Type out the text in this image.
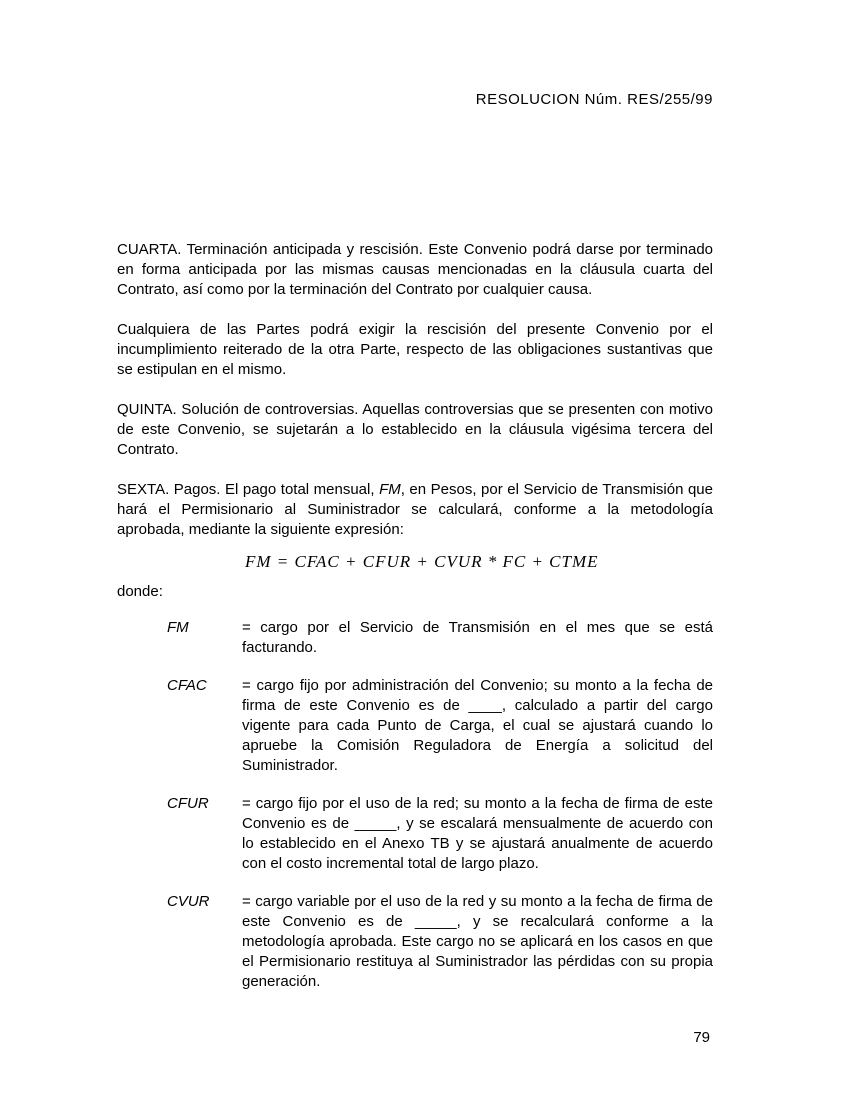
RESOLUCION Núm. RES/255/99

CUARTA. Terminación anticipada y rescisión. Este Convenio podrá darse por terminado en forma anticipada por las mismas causas mencionadas en la cláusula cuarta del Contrato, así como por la terminación del Contrato por cualquier causa.

Cualquiera de las Partes podrá exigir la rescisión del presente Convenio por el incumplimiento reiterado de la otra Parte, respecto de las obligaciones sustantivas que se estipulan en el mismo.

QUINTA. Solución de controversias. Aquellas controversias que se presenten con motivo de este Convenio, se sujetarán a lo establecido en la cláusula vigésima tercera del Contrato.

SEXTA. Pagos. El pago total mensual, FM, en Pesos, por el Servicio de Transmisión que hará el Permisionario al Suministrador se calculará, conforme a la metodología aprobada, mediante la siguiente expresión:

FM = CFAC + CFUR + CVUR * FC + CTME

donde:

FM	= cargo por el Servicio de Transmisión en el mes que se está facturando.
CFAC	= cargo fijo por administración del Convenio; su monto a la fecha de firma de este Convenio es de ____, calculado a partir del cargo vigente para cada Punto de Carga, el cual se ajustará cuando lo apruebe la Comisión Reguladora de Energía a solicitud del Suministrador.
CFUR	= cargo fijo por el uso de la red; su monto a la fecha de firma de este Convenio es de _____, y se escalará mensualmente de acuerdo con lo establecido en el Anexo TB y se ajustará anualmente de acuerdo con el costo incremental total de largo plazo.
CVUR	= cargo variable por el uso de la red y su monto a la fecha de firma de este Convenio es de _____, y se recalculará conforme a la metodología aprobada. Este cargo no se aplicará en los casos en que el Permisionario restituya al Suministrador las pérdidas con su propia generación.
79
